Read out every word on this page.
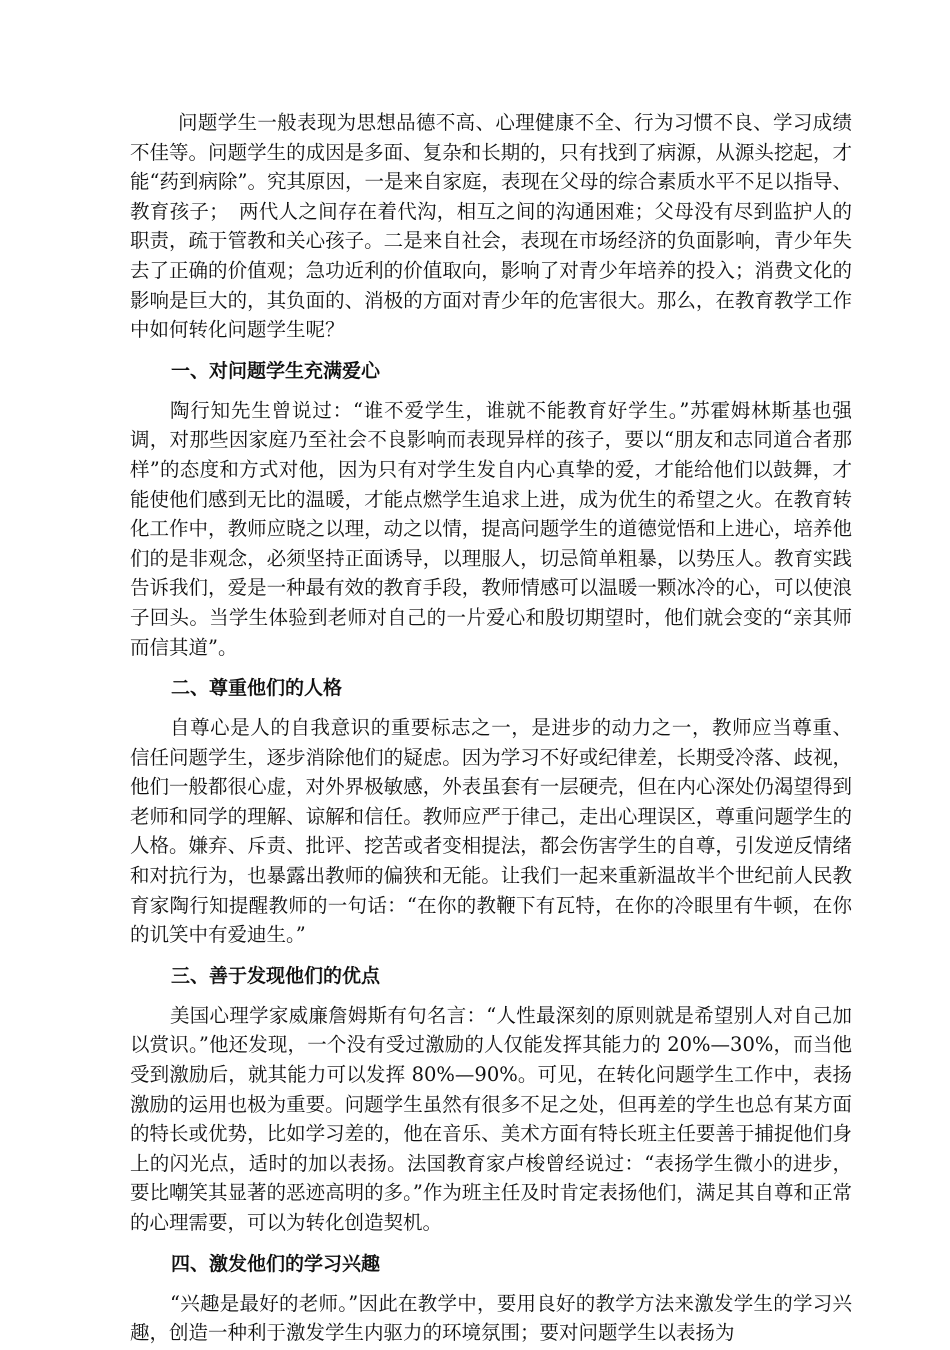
问题学生一般表现为思想品德不高、心理健康不全、行为习惯不良、学习成绩不佳等。问题学生的成因是多面、复杂和长期的，只有找到了病源，从源头挖起，才能“药到病除”。究其原因，一是来自家庭，表现在父母的综合素质水平不足以指导、教育孩子；　两代人之间存在着代沟，相互之间的沟通困难；父母没有尽到监护人的职责，疏于管教和关心孩子。二是来自社会，表现在市场经济的负面影响，青少年失去了正确的价值观；急功近利的价值取向，影响了对青少年培养的投入；消费文化的影响是巨大的，其负面的、消极的方面对青少年的危害很大。那么，在教育教学工作中如何转化问题学生呢？

一、对问题学生充满爱心

陶行知先生曾说过：“谁不爱学生，谁就不能教育好学生。”苏霍姆林斯基也强调，对那些因家庭乃至社会不良影响而表现异样的孩子，要以“朋友和志同道合者那样”的态度和方式对他，因为只有对学生发自内心真挚的爱，才能给他们以鼓舞，才能使他们感到无比的温暖，才能点燃学生追求上进，成为优生的希望之火。在教育转化工作中，教师应晓之以理，动之以情，提高问题学生的道德觉悟和上进心，培养他们的是非观念，必须坚持正面诱导，以理服人，切忌简单粗暴，以势压人。教育实践告诉我们，爱是一种最有效的教育手段，教师情感可以温暖一颗冰冷的心，可以使浪子回头。当学生体验到老师对自己的一片爱心和殷切期望时，他们就会变的“亲其师而信其道”。

二、尊重他们的人格

自尊心是人的自我意识的重要标志之一，是进步的动力之一，教师应当尊重、信任问题学生，逐步消除他们的疑虑。因为学习不好或纪律差，长期受冷落、歧视，他们一般都很心虚，对外界极敏感，外表虽套有一层硬壳，但在内心深处仍渴望得到老师和同学的理解、谅解和信任。教师应严于律己，走出心理误区，尊重问题学生的人格。嫌弃、斥责、批评、挖苦或者变相提法，都会伤害学生的自尊，引发逆反情绪和对抗行为，也暴露出教师的偏狭和无能。让我们一起来重新温故半个世纪前人民教育家陶行知提醒教师的一句话：“在你的教鞭下有瓦特，在你的冷眼里有牛顿，在你的讥笑中有爱迪生。”

三、善于发现他们的优点

美国心理学家威廉詹姆斯有句名言：“人性最深刻的原则就是希望别人对自己加以赏识。”他还发现，一个没有受过激励的人仅能发挥其能力的 20%—30%，而当他受到激励后，就其能力可以发挥 80%—90%。可见，在转化问题学生工作中，表扬激励的运用也极为重要。问题学生虽然有很多不足之处，但再差的学生也总有某方面的特长或优势，比如学习差的，他在音乐、美术方面有特长班主任要善于捕捉他们身上的闪光点，适时的加以表扬。法国教育家卢梭曾经说过：“表扬学生微小的进步，要比嘲笑其显著的恶迹高明的多。”作为班主任及时肯定表扬他们，满足其自尊和正常的心理需要，可以为转化创造契机。

四、激发他们的学习兴趣

“兴趣是最好的老师。”因此在教学中，要用良好的教学方法来激发学生的学习兴趣，创造一种利于激发学生内驱力的环境氛围；要对问题学生以表扬为
